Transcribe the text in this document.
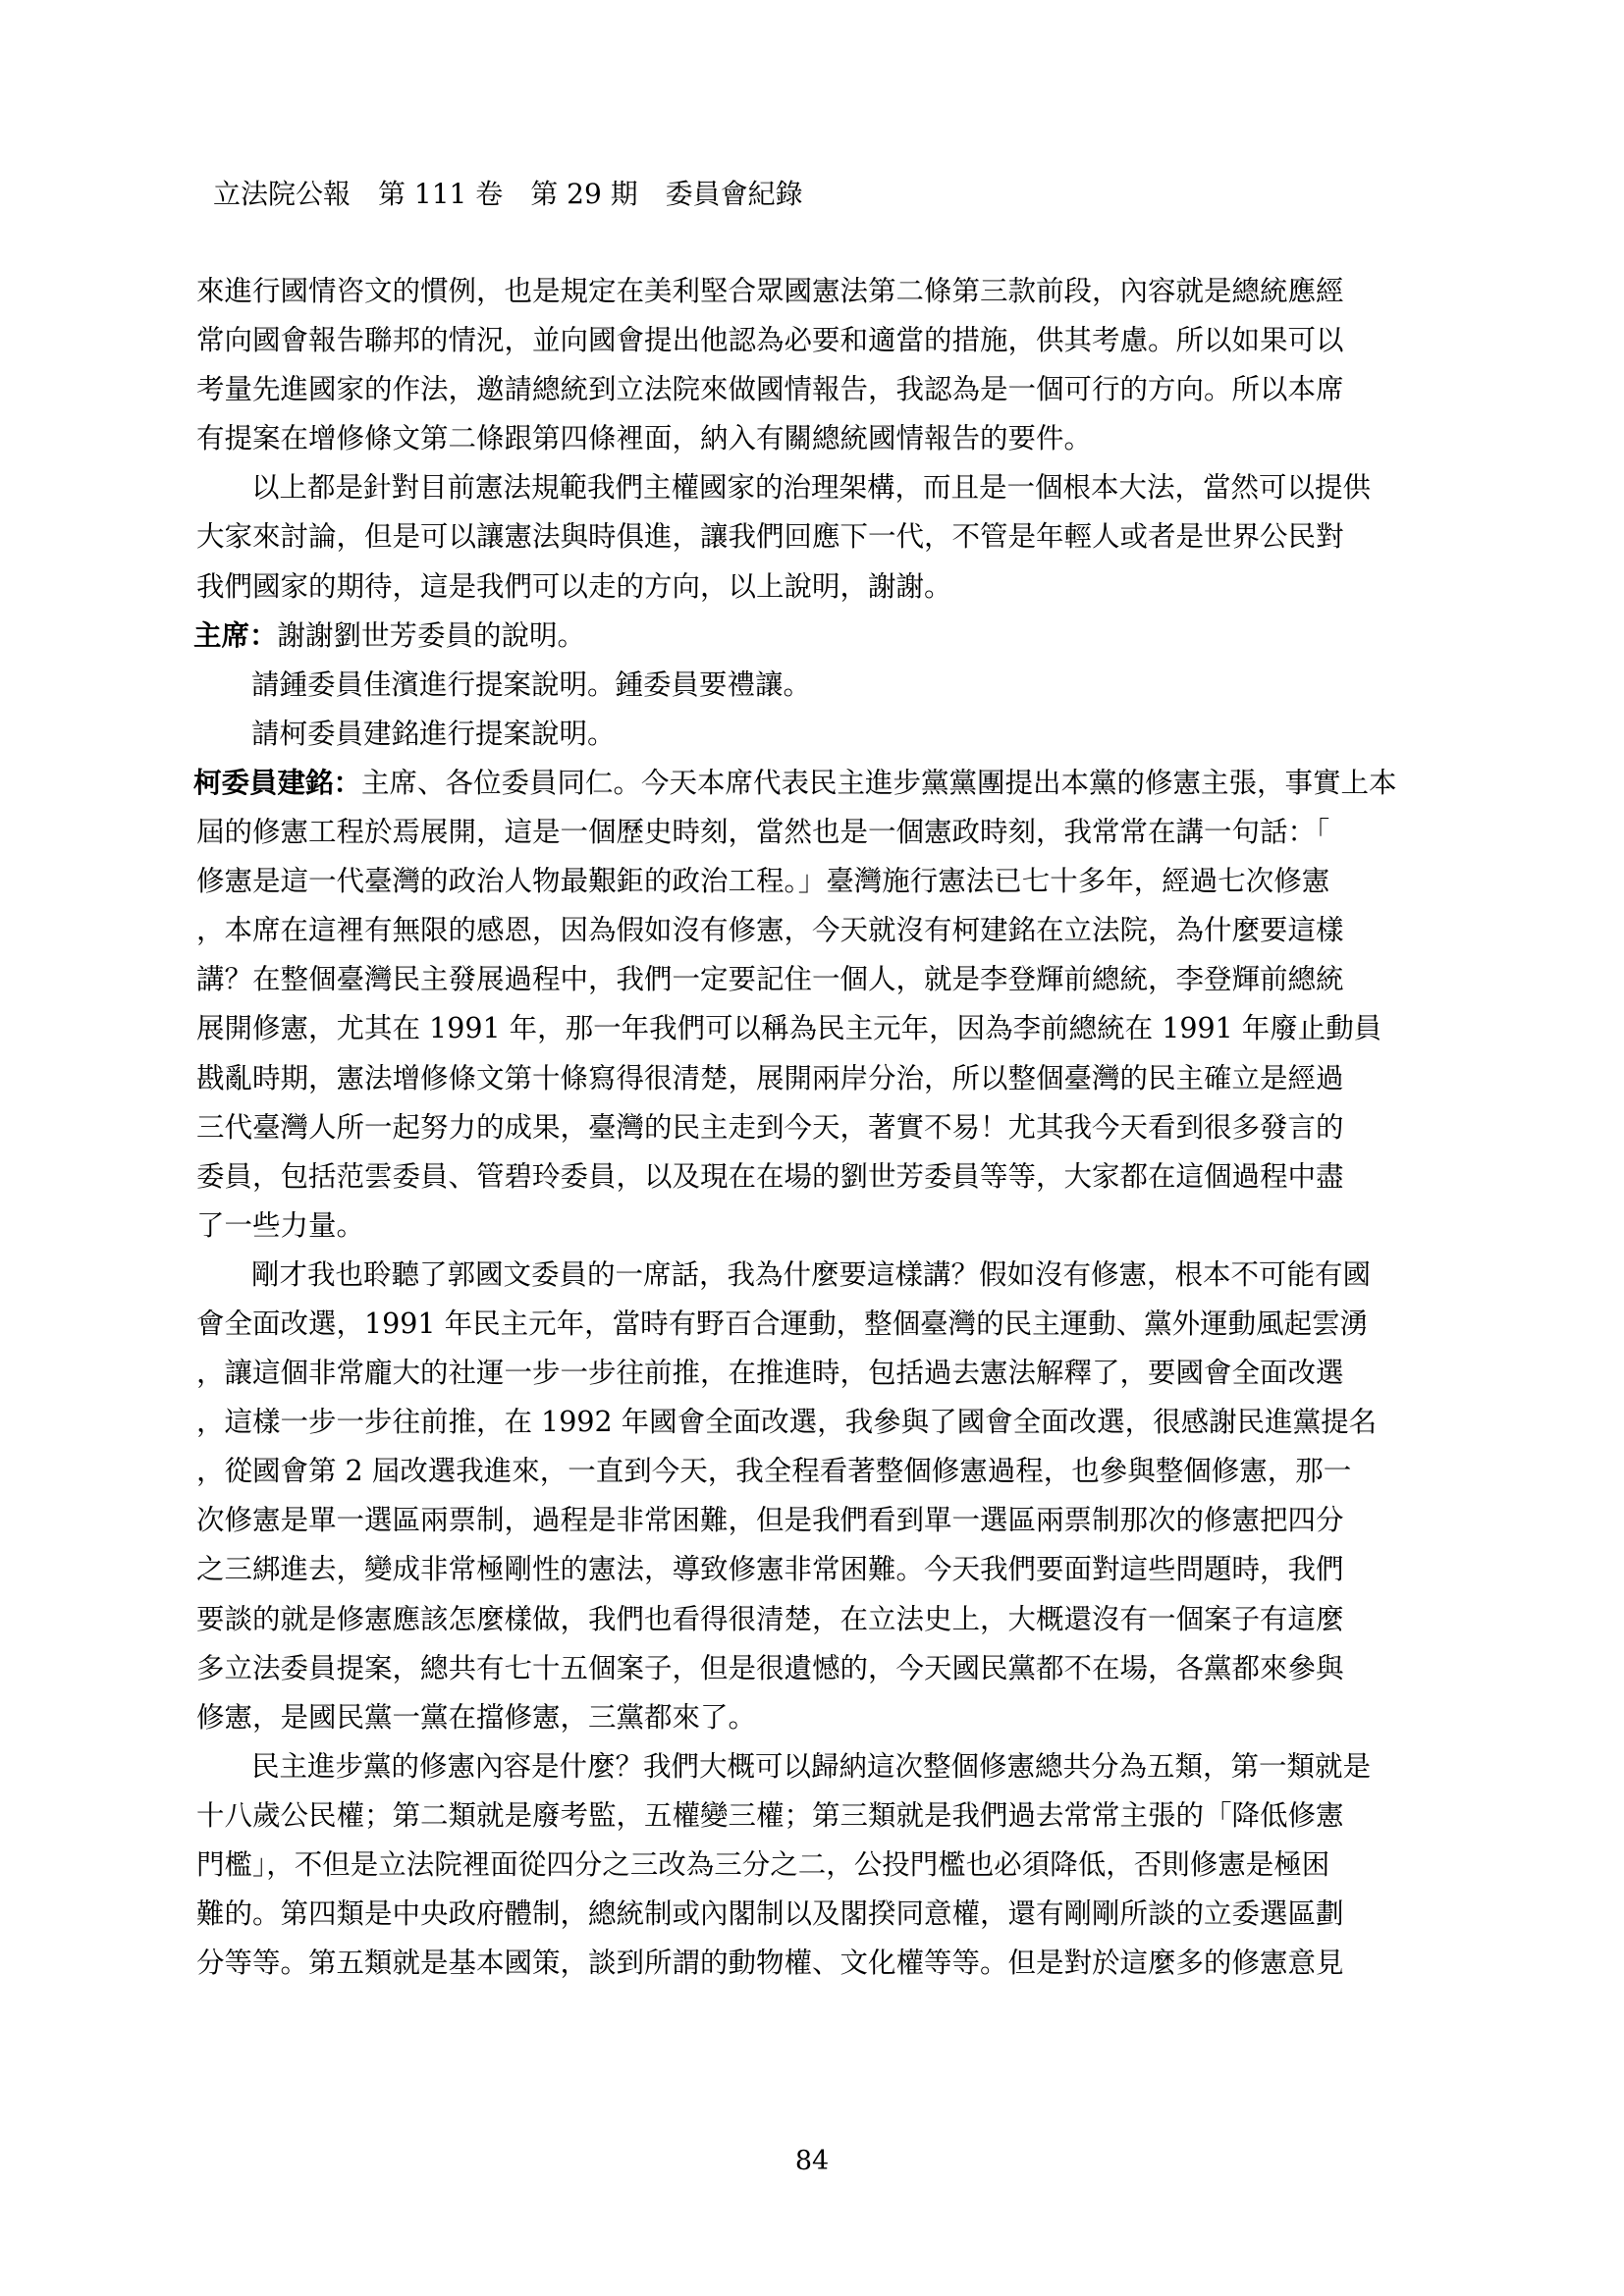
立法院公報　第 111 卷　第 29 期　委員會紀錄
來進行國情咨文的慣例，也是規定在美利堅合眾國憲法第二條第三款前段，內容就是總統應經
常向國會報告聯邦的情況，並向國會提出他認為必要和適當的措施，供其考慮。所以如果可以
考量先進國家的作法，邀請總統到立法院來做國情報告，我認為是一個可行的方向。所以本席
有提案在增修條文第二條跟第四條裡面，納入有關總統國情報告的要件。
以上都是針對目前憲法規範我們主權國家的治理架構，而且是一個根本大法，當然可以提供
大家來討論，但是可以讓憲法與時俱進，讓我們回應下一代，不管是年輕人或者是世界公民對
我們國家的期待，這是我們可以走的方向，以上說明，謝謝。
主席：謝謝劉世芳委員的說明。
請鍾委員佳濱進行提案說明。鍾委員要禮讓。
請柯委員建銘進行提案說明。
柯委員建銘：主席、各位委員同仁。今天本席代表民主進步黨黨團提出本黨的修憲主張，事實上本
屆的修憲工程於焉展開，這是一個歷史時刻，當然也是一個憲政時刻，我常常在講一句話：「
修憲是這一代臺灣的政治人物最艱鉅的政治工程。」臺灣施行憲法已七十多年，經過七次修憲
，本席在這裡有無限的感恩，因為假如沒有修憲，今天就沒有柯建銘在立法院，為什麼要這樣
講？在整個臺灣民主發展過程中，我們一定要記住一個人，就是李登輝前總統，李登輝前總統
展開修憲，尤其在 1991 年，那一年我們可以稱為民主元年，因為李前總統在 1991 年廢止動員
戡亂時期，憲法增修條文第十條寫得很清楚，展開兩岸分治，所以整個臺灣的民主確立是經過
三代臺灣人所一起努力的成果，臺灣的民主走到今天，著實不易！尤其我今天看到很多發言的
委員，包括范雲委員、管碧玲委員，以及現在在場的劉世芳委員等等，大家都在這個過程中盡
了一些力量。
剛才我也聆聽了郭國文委員的一席話，我為什麼要這樣講？假如沒有修憲，根本不可能有國
會全面改選，1991 年民主元年，當時有野百合運動，整個臺灣的民主運動、黨外運動風起雲湧
，讓這個非常龐大的社運一步一步往前推，在推進時，包括過去憲法解釋了，要國會全面改選
，這樣一步一步往前推，在 1992 年國會全面改選，我參與了國會全面改選，很感謝民進黨提名
，從國會第 2 屆改選我進來，一直到今天，我全程看著整個修憲過程，也參與整個修憲，那一
次修憲是單一選區兩票制，過程是非常困難，但是我們看到單一選區兩票制那次的修憲把四分
之三綁進去，變成非常極剛性的憲法，導致修憲非常困難。今天我們要面對這些問題時，我們
要談的就是修憲應該怎麼樣做，我們也看得很清楚，在立法史上，大概還沒有一個案子有這麼
多立法委員提案，總共有七十五個案子，但是很遺憾的，今天國民黨都不在場，各黨都來參與
修憲，是國民黨一黨在擋修憲，三黨都來了。
民主進步黨的修憲內容是什麼？我們大概可以歸納這次整個修憲總共分為五類，第一類就是
十八歲公民權；第二類就是廢考監，五權變三權；第三類就是我們過去常常主張的「降低修憲
門檻」，不但是立法院裡面從四分之三改為三分之二，公投門檻也必須降低，否則修憲是極困
難的。第四類是中央政府體制，總統制或內閣制以及閣揆同意權，還有剛剛所談的立委選區劃
分等等。第五類就是基本國策，談到所謂的動物權、文化權等等。但是對於這麼多的修憲意見
84
